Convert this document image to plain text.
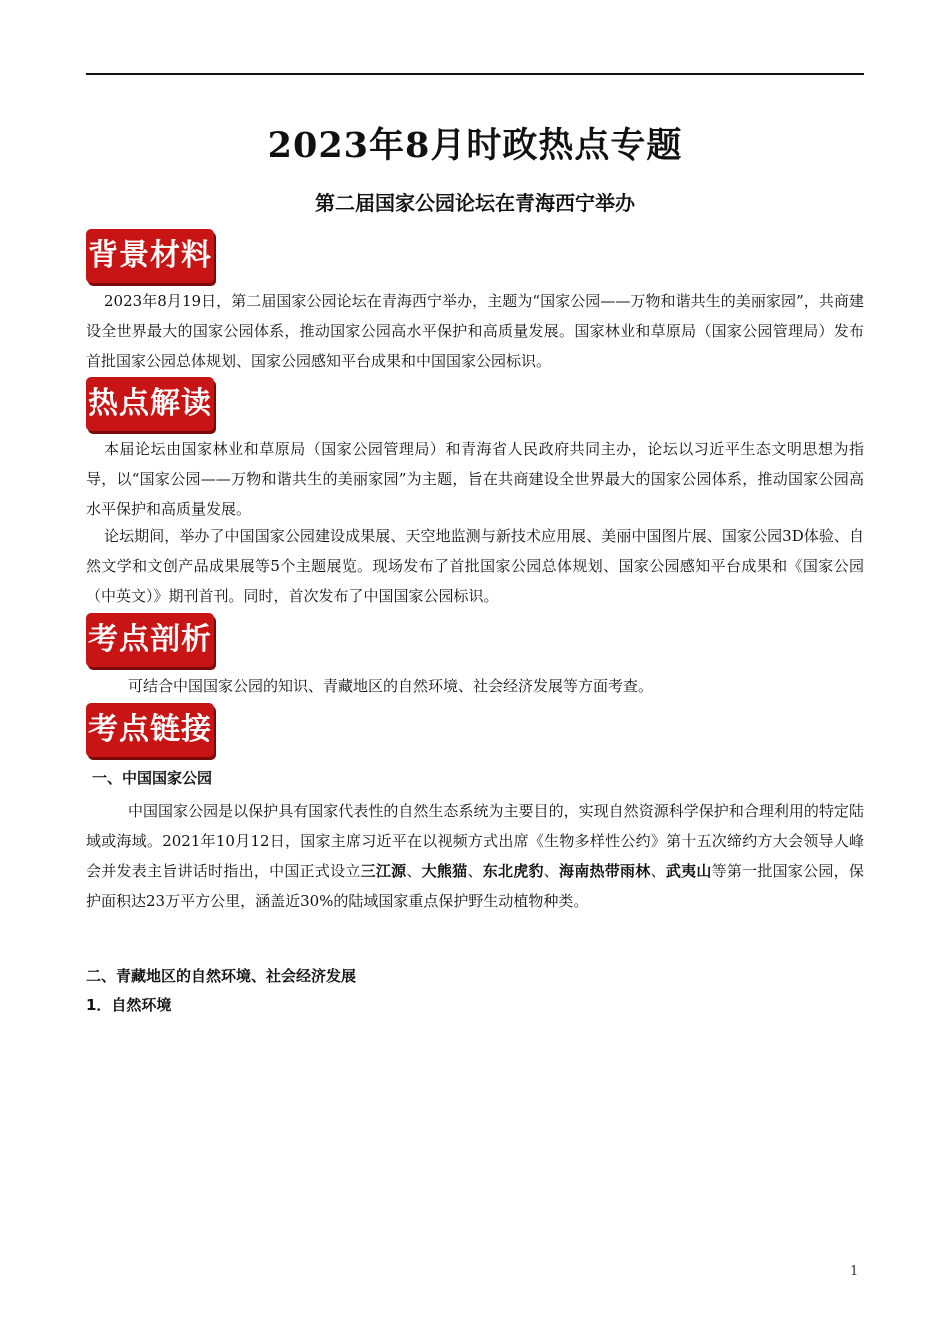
2023年8月时政热点专题
第二届国家公园论坛在青海西宁举办
背景材料

2023年8月19日，第二届国家公园论坛在青海西宁举办，主题为“国家公园——万物和谐共生的美丽家园”，共商建设全世界最大的国家公园体系，推动国家公园高水平保护和高质量发展。国家林业和草原局（国家公园管理局）发布首批国家公园总体规划、国家公园感知平台成果和中国国家公园标识。

热点解读

本届论坛由国家林业和草原局（国家公园管理局）和青海省人民政府共同主办，论坛以习近平生态文明思想为指导，以“国家公园——万物和谐共生的美丽家园”为主题，旨在共商建设全世界最大的国家公园体系，推动国家公园高水平保护和高质量发展。

论坛期间，举办了中国国家公园建设成果展、天空地监测与新技术应用展、美丽中国图片展、国家公园3D体验、自然文学和文创产品成果展等5个主题展览。现场发布了首批国家公园总体规划、国家公园感知平台成果和《国家公园（中英文）》期刊首刊。同时，首次发布了中国国家公园标识。

考点剖析

可结合中国国家公园的知识、青藏地区的自然环境、社会经济发展等方面考查。

考点链接
一、中国国家公园

中国国家公园是以保护具有国家代表性的自然生态系统为主要目的，实现自然资源科学保护和合理利用的特定陆域或海域。2021年10月12日，国家主席习近平在以视频方式出席《生物多样性公约》第十五次缔约方大会领导人峰会并发表主旨讲话时指出，中国正式设立三江源、大熊猫、东北虎豹、海南热带雨林、武夷山等第一批国家公园，保护面积达23万平方公里，涵盖近30%的陆域国家重点保护野生动植物种类。

二、青藏地区的自然环境、社会经济发展
1．自然环境
1
